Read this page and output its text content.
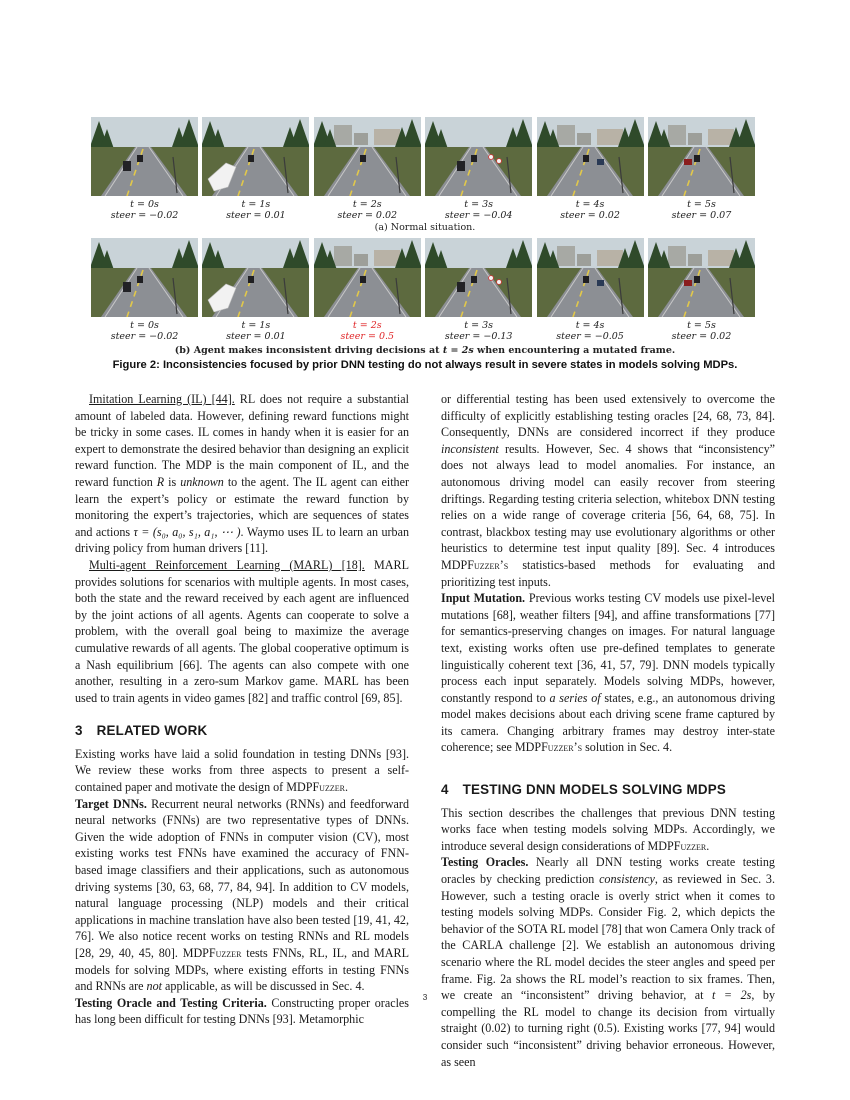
t = 0s
steer = −0.02
t = 1s
steer = 0.01
t = 2s
steer = 0.02
t = 3s
steer = −0.04
t = 4s
steer = 0.02
t = 5s
steer = 0.07
(a) Normal situation.
t = 0s
steer = −0.02
t = 1s
steer = 0.01
t = 2s
steer = 0.5
t = 3s
steer = −0.13
t = 4s
steer = −0.05
t = 5s
steer = 0.02
(b) Agent makes inconsistent driving decisions at t = 2s when encountering a mutated frame.
Figure 2: Inconsistencies focused by prior DNN testing do not always result in severe states in models solving MDPs.

Imitation Learning (IL) [44]. RL does not require a substantial amount of labeled data. However, defining reward functions might be tricky in some cases. IL comes in handy when it is easier for an expert to demonstrate the desired behavior than designing an explicit reward function. The MDP is the main component of IL, and the reward function R is unknown to the agent. The IL agent can either learn the expert’s policy or estimate the reward function by monitoring the expert’s trajectories, which are sequences of states and actions τ = (s₀, a₀, s₁, a₁, ⋯ ). Waymo uses IL to learn an urban driving policy from human drivers [11].

Multi-agent Reinforcement Learning (MARL) [18]. MARL provides solutions for scenarios with multiple agents. In most cases, both the state and the reward received by each agent are influenced by the joint actions of all agents. Agents can cooperate to solve a problem, with the overall goal being to maximize the average cumulative rewards of all agents. The global cooperative optimum is a Nash equilibrium [66]. The agents can also compete with one another, resulting in a zero-sum Markov game. MARL has been used to train agents in video games [82] and traffic control [69, 85].

3 RELATED WORK

Existing works have laid a solid foundation in testing DNNs [93]. We review these works from three aspects to present a self-contained paper and motivate the design of MDPFuzzer.

Target DNNs. Recurrent neural networks (RNNs) and feedforward neural networks (FNNs) are two representative types of DNNs. Given the wide adoption of FNNs in computer vision (CV), most existing works test FNNs have examined the accuracy of FNN-based image classifiers and their applications, such as autonomous driving systems [30, 63, 68, 77, 84, 94]. In addition to CV models, natural language processing (NLP) models and their critical applications in machine translation have also been tested [19, 41, 42, 76]. We also notice recent works on testing RNNs and RL models [28, 29, 40, 45, 80]. MDPFuzzer tests FNNs, RL, IL, and MARL models for solving MDPs, where existing efforts in testing FNNs and RNNs are not applicable, as will be discussed in Sec. 4.

Testing Oracle and Testing Criteria. Constructing proper oracles has long been difficult for testing DNNs [93]. Metamorphic

or differential testing has been used extensively to overcome the difficulty of explicitly establishing testing oracles [24, 68, 73, 84]. Consequently, DNNs are considered incorrect if they produce inconsistent results. However, Sec. 4 shows that “inconsistency” does not always lead to model anomalies. For instance, an autonomous driving model can easily recover from steering driftings. Regarding testing criteria selection, whitebox DNN testing relies on a wide range of coverage criteria [56, 64, 68, 75]. In contrast, blackbox testing may use evolutionary algorithms or other heuristics to determine test input quality [89]. Sec. 4 introduces MDPFuzzer’s statistics-based methods for evaluating and prioritizing test inputs.

Input Mutation. Previous works testing CV models use pixel-level mutations [68], weather filters [94], and affine transformations [77] for semantics-preserving changes on images. For natural language text, existing works often use pre-defined templates to generate linguistically coherent text [36, 41, 57, 79]. DNN models typically process each input separately. Models solving MDPs, however, constantly respond to a series of states, e.g., an autonomous driving model makes decisions about each driving scene frame captured by its camera. Changing arbitrary frames may destroy inter-state coherence; see MDPFuzzer’s solution in Sec. 4.

4 TESTING DNN MODELS SOLVING MDPS

This section describes the challenges that previous DNN testing works face when testing models solving MDPs. Accordingly, we introduce several design considerations of MDPFuzzer.

Testing Oracles. Nearly all DNN testing works create testing oracles by checking prediction consistency, as reviewed in Sec. 3. However, such a testing oracle is overly strict when it comes to testing models solving MDPs. Consider Fig. 2, which depicts the behavior of the SOTA RL model [78] that won Camera Only track of the CARLA challenge [2]. We establish an autonomous driving scenario where the RL model decides the steer angles and speed per frame. Fig. 2a shows the RL model’s reaction to six frames. Then, we create an “inconsistent” driving behavior, at t = 2s, by compelling the RL model to change its decision from virtually straight (0.02) to turning right (0.5). Existing works [77, 94] would consider such “inconsistent” driving behavior erroneous. However, as seen

3
